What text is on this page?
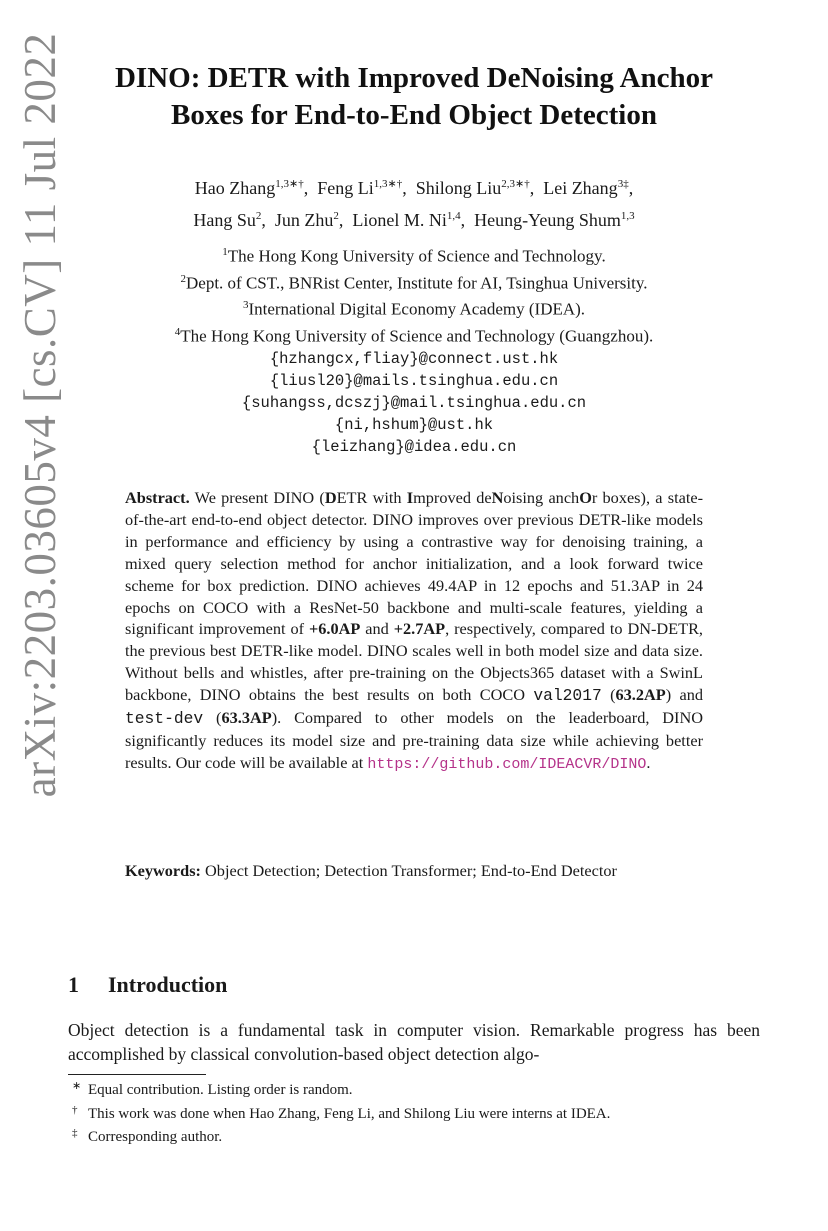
arXiv:2203.03605v4 [cs.CV] 11 Jul 2022	DINO: DETR with Improved DeNoising Anchor
Boxes for End-to-End Object Detection
Hao Zhang$^{1,3∗\dagger}$,  Feng $Li^{1,3∗\dagger}$,  Shilong Liu$^{2,3∗\dagger}$,  Lei Zhang$^{3\ddagger}$,
Hang Su$^2$,  Jun Zhu$^2$,  Lionel M. Ni$^{1,4}$,  Heung-Yeung Shum$^{1,3}$
$^1$The Hong Kong University of Science and Technology.
$^2$Dept. of CST., BNRist Center, Institute for AI, Tsinghua University.
$^3$International Digital Economy Academy (IDEA).
$^4$The Hong Kong University of Science and Technology (Guangzhou).
{hzhangcx,fliay}@connect.ust.hk
{liusl20}@mails.tsinghua.edu.cn
{suhangss,dcszj}@mail.tsinghua.edu.cn
{ni,hshum}@ust.hk
{leizhang}@idea.edu.cn
Abstract. We present DINO (DETR with Improved deNoising anchOr boxes), a state-of-the-art end-to-end object detector. DINO improves over previous DETR-like models in performance and efficiency by using a contrastive way for denoising training, a mixed query selection method for anchor initialization, and a look forward twice scheme for box prediction. DINO achieves 49.4AP in 12 epochs and 51.3AP in 24 epochs on COCO with a ResNet-50 backbone and multi-scale features, yielding a significant improvement of +6.0AP and +2.7AP, respectively, compared to DN-DETR, the previous best DETR-like model. DINO scales well in both model size and data size. Without bells and whistles, after pre-training on the Objects365 dataset with a SwinL backbone, DINO obtains the best results on both COCO val2017 (63.2AP) and test-dev (63.3AP). Compared to other models on the leaderboard, DINO significantly reduces its model size and pre-training data size while achieving better results. Our code will be available at https://github.com/IDEACVR/DINO.
Keywords: Object Detection; Detection Transformer; End-to-End Detector
1 Introduction
Object detection is a fundamental task in computer vision. Remarkable progress has been accomplished by classical convolution-based object detection algo-
∗ Equal contribution. Listing order is random.
† This work was done when Hao Zhang, Feng Li, and Shilong Liu were interns at IDEA.
‡ Corresponding author.
